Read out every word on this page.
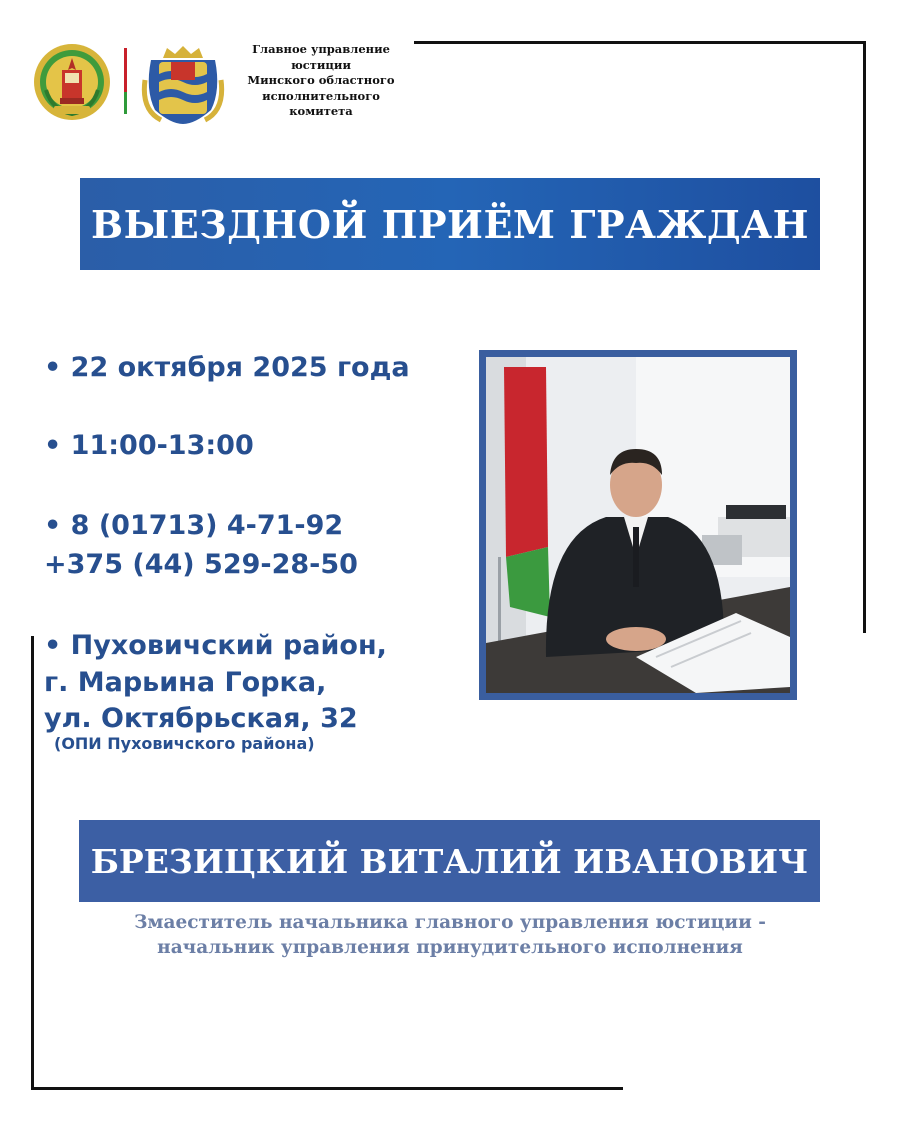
Главное управление
юстиции
Минского областного
исполнительного
комитета
ВЫЕЗДНОЙ ПРИЁМ ГРАЖДАН
• 22 октября 2025 года
• 11:00-13:00
• 8 (01713) 4-71-92
+375 (44) 529-28-50
• Пуховичский район,
г. Марьина Горка,
ул. Октябрьская, 32
(ОПИ Пуховичского района)
БРЕЗИЦКИЙ ВИТАЛИЙ ИВАНОВИЧ
Змаеститель начальника главного управления юстиции -
начальник управления принудительного исполнения
